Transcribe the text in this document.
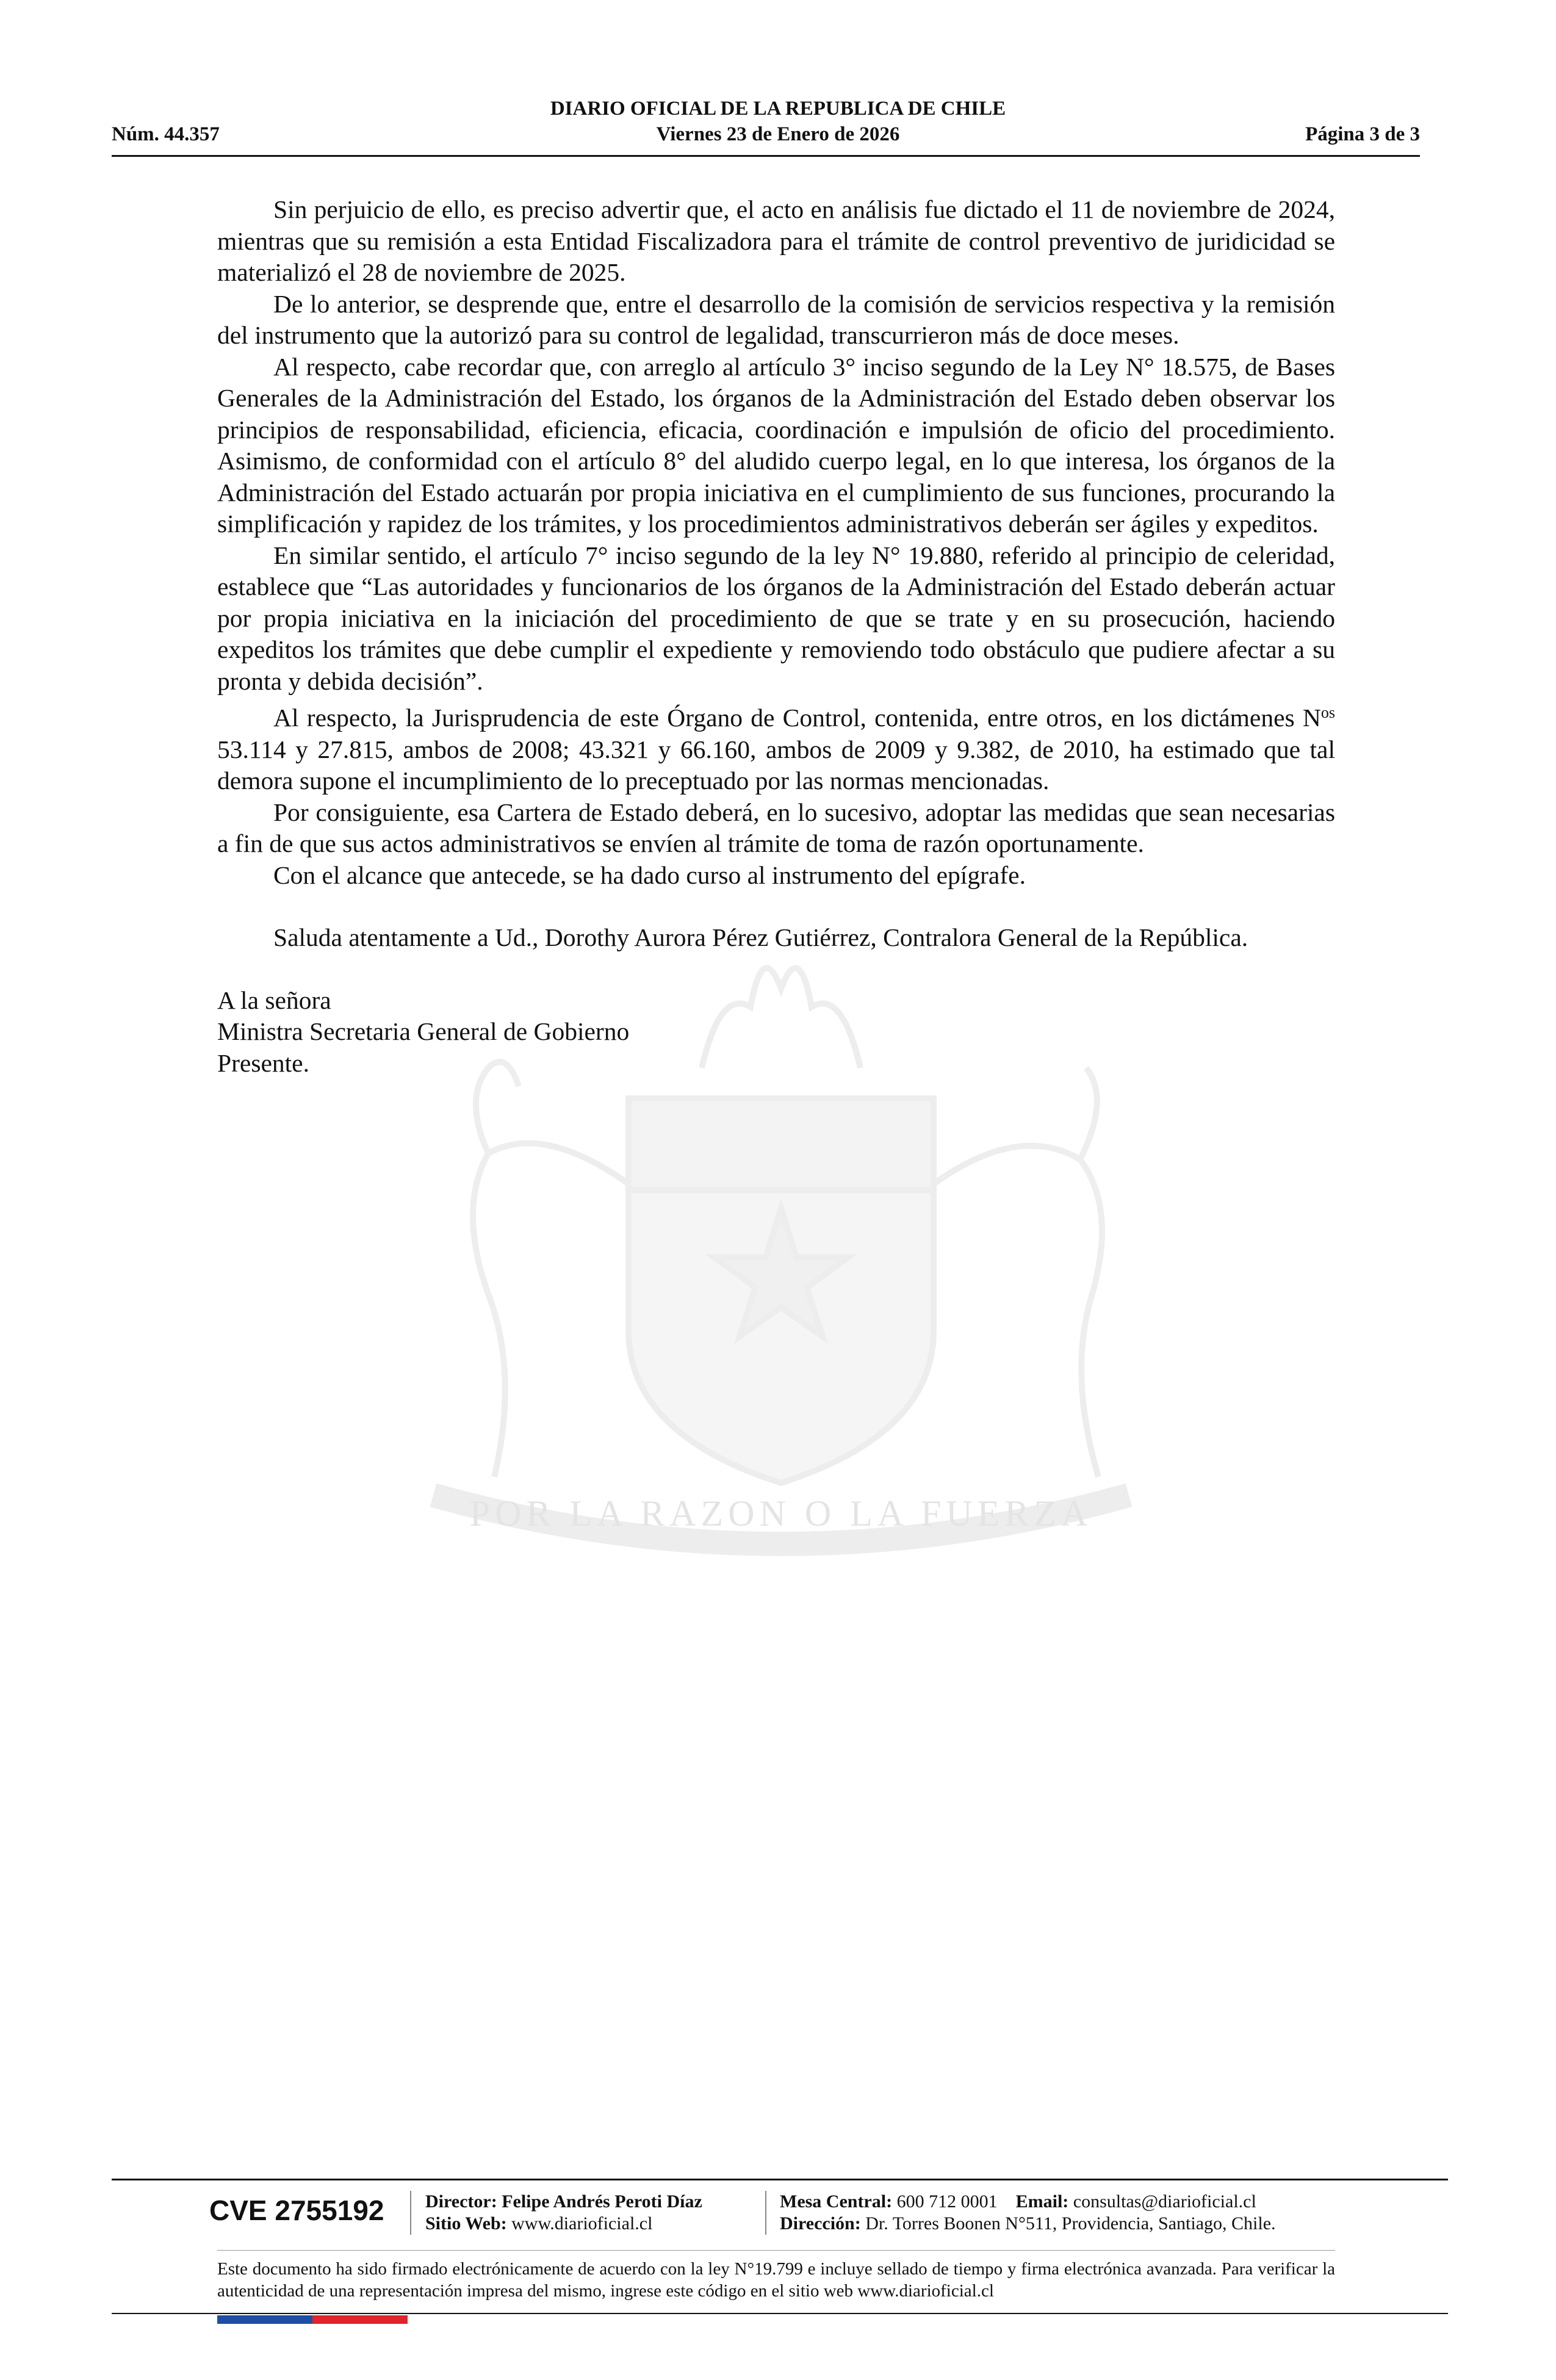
DIARIO OFICIAL DE LA REPUBLICA DE CHILE
Núm. 44.357	Viernes 23 de Enero de 2026	Página 3 de 3
POR LA RAZON O LA FUERZA

Sin perjuicio de ello, es preciso advertir que, el acto en análisis fue dictado el 11 de noviembre de 2024, mientras que su remisión a esta Entidad Fiscalizadora para el trámite de control preventivo de juridicidad se materializó el 28 de noviembre de 2025.

De lo anterior, se desprende que, entre el desarrollo de la comisión de servicios respectiva y la remisión del instrumento que la autorizó para su control de legalidad, transcurrieron más de doce meses.

Al respecto, cabe recordar que, con arreglo al artículo 3° inciso segundo de la Ley N° 18.575, de Bases Generales de la Administración del Estado, los órganos de la Administración del Estado deben observar los principios de responsabilidad, eficiencia, eficacia, coordinación e impulsión de oficio del procedimiento. Asimismo, de conformidad con el artículo 8° del aludido cuerpo legal, en lo que interesa, los órganos de la Administración del Estado actuarán por propia iniciativa en el cumplimiento de sus funciones, procurando la simplificación y rapidez de los trámites, y los procedimientos administrativos deberán ser ágiles y expeditos.

En similar sentido, el artículo 7° inciso segundo de la ley N° 19.880, referido al principio de celeridad, establece que “Las autoridades y funcionarios de los órganos de la Administración del Estado deberán actuar por propia iniciativa en la iniciación del procedimiento de que se trate y en su prosecución, haciendo expeditos los trámites que debe cumplir el expediente y removiendo todo obstáculo que pudiere afectar a su pronta y debida decisión”.

Al respecto, la Jurisprudencia de este Órgano de Control, contenida, entre otros, en los dictámenes $N^{os}$ 53.114 y 27.815, ambos de 2008; 43.321 y 66.160, ambos de 2009 y 9.382, de 2010, ha estimado que tal demora supone el incumplimiento de lo preceptuado por las normas mencionadas.

Por consiguiente, esa Cartera de Estado deberá, en lo sucesivo, adoptar las medidas que sean necesarias a fin de que sus actos administrativos se envíen al trámite de toma de razón oportunamente.

Con el alcance que antecede, se ha dado curso al instrumento del epígrafe.

Saluda atentamente a Ud., Dorothy Aurora Pérez Gutiérrez, Contralora General de la República.

A la señora

Ministra Secretaria General de Gobierno

Presente.

CVE 2755192 Director: Felipe Andrés Peroti Díaz
Sitio Web: www.diarioficial.cl
Mesa Central: 600 712 0001 Email: consultas@diarioficial.cl
Dirección: Dr. Torres Boonen N°511, Providencia, Santiago, Chile.
Este documento ha sido firmado electrónicamente de acuerdo con la ley N°19.799 e incluye sellado de tiempo y firma electrónica avanzada. Para verificar la autenticidad de una representación impresa del mismo, ingrese este código en el sitio web www.diarioficial.cl
